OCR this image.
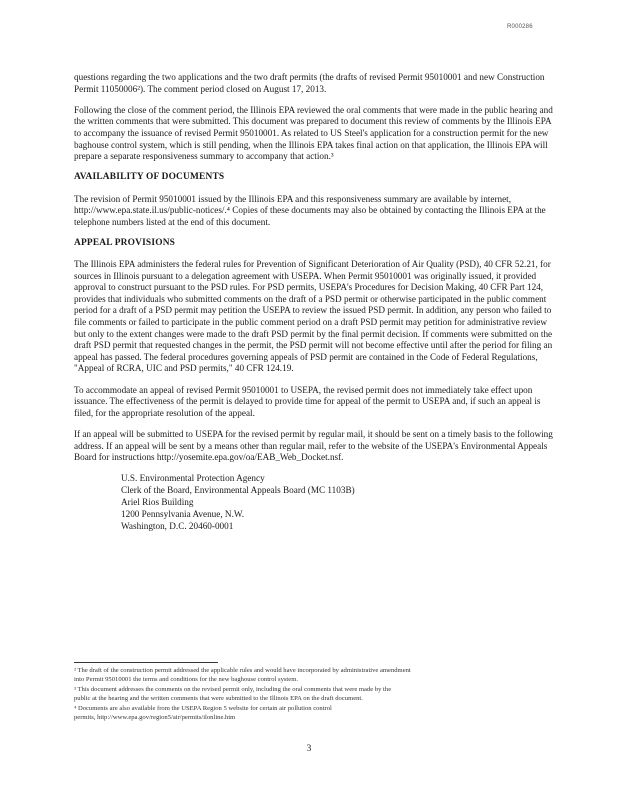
R000286

questions regarding the two applications and the two draft permits (the drafts of revised Permit 95010001 and new Construction Permit 11050006²). The comment period closed on August 17, 2013.

Following the close of the comment period, the Illinois EPA reviewed the oral comments that were made in the public hearing and the written comments that were submitted. This document was prepared to document this review of comments by the Illinois EPA to accompany the issuance of revised Permit 95010001. As related to US Steel's application for a construction permit for the new baghouse control system, which is still pending, when the Illinois EPA takes final action on that application, the Illinois EPA will prepare a separate responsiveness summary to accompany that action.³

AVAILABILITY OF DOCUMENTS

The revision of Permit 95010001 issued by the Illinois EPA and this responsiveness summary are available by internet, http://www.epa.state.il.us/public-notices/.⁴ Copies of these documents may also be obtained by contacting the Illinois EPA at the telephone numbers listed at the end of this document.

APPEAL PROVISIONS

The Illinois EPA administers the federal rules for Prevention of Significant Deterioration of Air Quality (PSD), 40 CFR 52.21, for sources in Illinois pursuant to a delegation agreement with USEPA. When Permit 95010001 was originally issued, it provided approval to construct pursuant to the PSD rules. For PSD permits, USEPA's Procedures for Decision Making, 40 CFR Part 124, provides that individuals who submitted comments on the draft of a PSD permit or otherwise participated in the public comment period for a draft of a PSD permit may petition the USEPA to review the issued PSD permit. In addition, any person who failed to file comments or failed to participate in the public comment period on a draft PSD permit may petition for administrative review but only to the extent changes were made to the draft PSD permit by the final permit decision. If comments were submitted on the draft PSD permit that requested changes in the permit, the PSD permit will not become effective until after the period for filing an appeal has passed. The federal procedures governing appeals of PSD permit are contained in the Code of Federal Regulations, "Appeal of RCRA, UIC and PSD permits," 40 CFR 124.19.

To accommodate an appeal of revised Permit 95010001 to USEPA, the revised permit does not immediately take effect upon issuance. The effectiveness of the permit is delayed to provide time for appeal of the permit to USEPA and, if such an appeal is filed, for the appropriate resolution of the appeal.

If an appeal will be submitted to USEPA for the revised permit by regular mail, it should be sent on a timely basis to the following address. If an appeal will be sent by a means other than regular mail, refer to the website of the USEPA's Environmental Appeals Board for instructions http://yosemite.epa.gov/oa/EAB_Web_Docket.nsf.

U.S. Environmental Protection Agency
Clerk of the Board, Environmental Appeals Board (MC 1103B)
Ariel Rios Building
1200 Pennsylvania Avenue, N.W.
Washington, D.C. 20460-0001
² The draft of the construction permit addressed the applicable rules and would have incorporated by administrative amendment
into Permit 95010001 the terms and conditions for the new baghouse control system.
³ This document addresses the comments on the revised permit only, including the oral comments that were made by the
public at the hearing and the written comments that were submitted to the Illinois EPA on the draft document.
⁴ Documents are also available from the USEPA Region 5 website for certain air pollution control
permits, http://www.epa.gov/region5/air/permits/ilonline.htm
3
